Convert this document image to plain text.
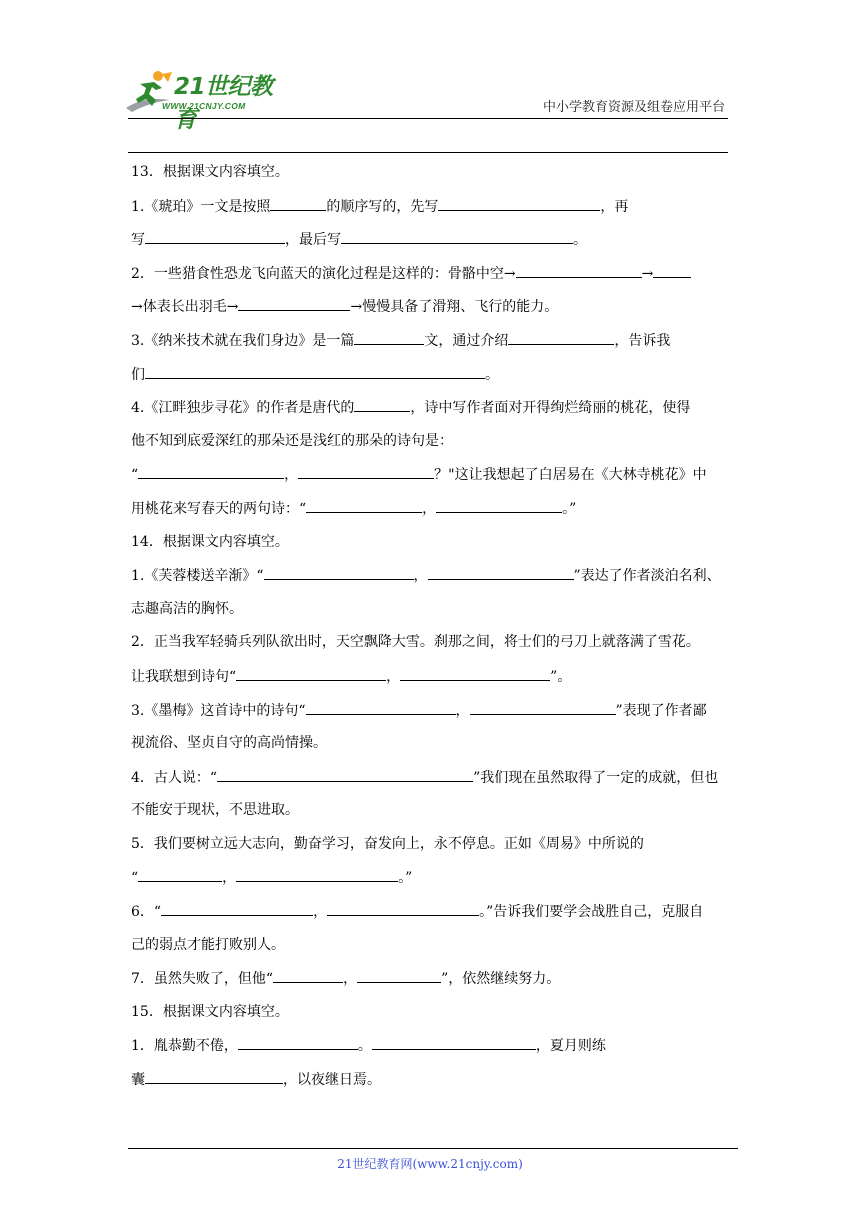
21世纪教育
WWW.21CNJY.COM	中小学教育资源及组卷应用平台
13．根据课文内容填空。
1.《琥珀》一文是按照	的顺序写的，先写	，再
写	，最后写	。
2．一些猎食性恐龙飞向蓝天的演化过程是这样的：骨骼中空→	→
→体表长出羽毛→	→慢慢具备了滑翔、飞行的能力。
3.《纳米技术就在我们身边》是一篇	文，通过介绍	，告诉我
们	。
4.《江畔独步寻花》的作者是唐代的	，诗中写作者面对开得绚烂绮丽的桃花，使得
他不知到底爱深红的那朵还是浅红的那朵的诗句是：
“	，	？"这让我想起了白居易在《大林寺桃花》中
用桃花来写春天的两句诗：“	，	。”
14．根据课文内容填空。
1.《芙蓉楼送辛渐》“	，	”表达了作者淡泊名利、
志趣高洁的胸怀。
2．正当我军轻骑兵列队欲出时，天空飘降大雪。刹那之间，将士们的弓刀上就落满了雪花。
让我联想到诗句“	，	”。
3.《墨梅》这首诗中的诗句“	，	”表现了作者鄙
视流俗、坚贞自守的高尚情操。
4．古人说：“	”我们现在虽然取得了一定的成就，但也
不能安于现状，不思进取。
5．我们要树立远大志向，勤奋学习，奋发向上，永不停息。正如《周易》中所说的
“	，	。”
6．“	，	。”告诉我们要学会战胜自己，克服自
己的弱点才能打败别人。
7．虽然失败了，但他“	，	”，依然继续努力。
15．根据课文内容填空。
1．胤恭勤不倦，	。	，夏月则练
囊	，以夜继日焉。
21世纪教育网(www.21cnjy.com)
